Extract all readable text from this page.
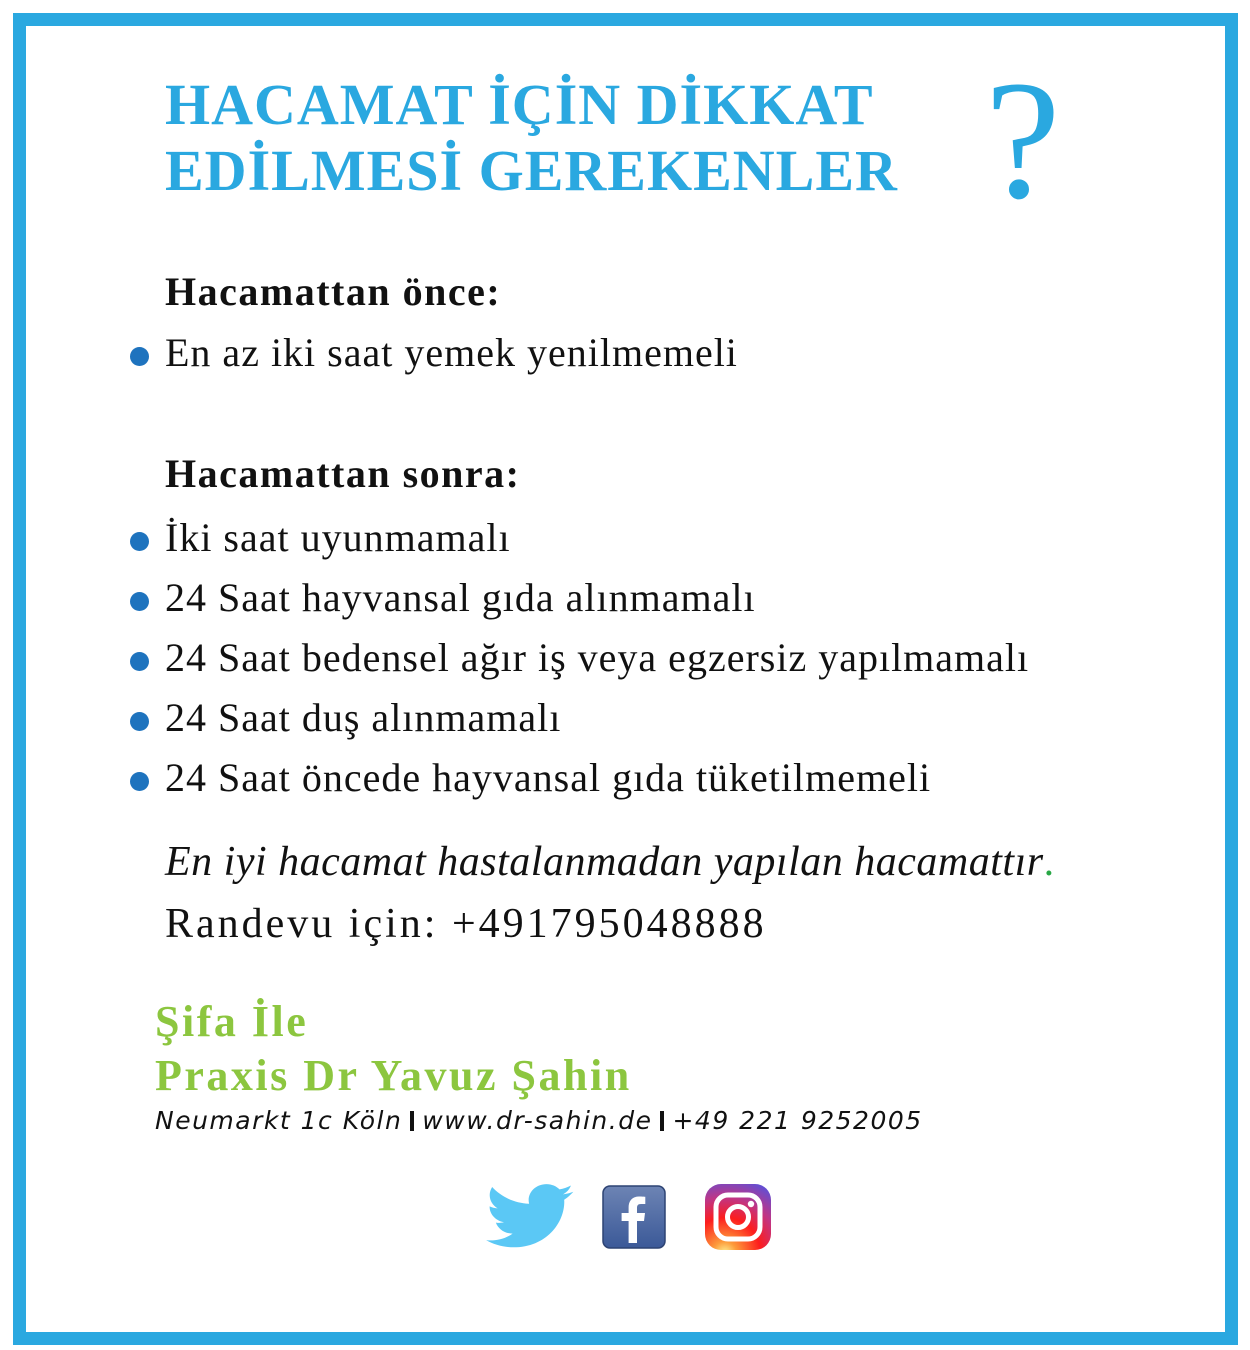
HACAMAT İÇİN DİKKAT
EDİLMESİ GEREKENLER ?
Hacamattan önce:
En az iki saat yemek yenilmemeli
Hacamattan sonra:
İki saat uyunmamalı
24 Saat hayvansal gıda alınmamalı
24 Saat bedensel ağır iş veya egzersiz yapılmamalı
24 Saat duş alınmamalı
24 Saat öncede hayvansal gıda tüketilmemeli

En iyi hacamat hastalanmadan yapılan hacamattır.

Randevu için: +491795048888

Şifa İle
Praxis Dr Yavuz Şahin

Neumarkt 1c Köln www.dr-sahin.de +49 221 9252005
